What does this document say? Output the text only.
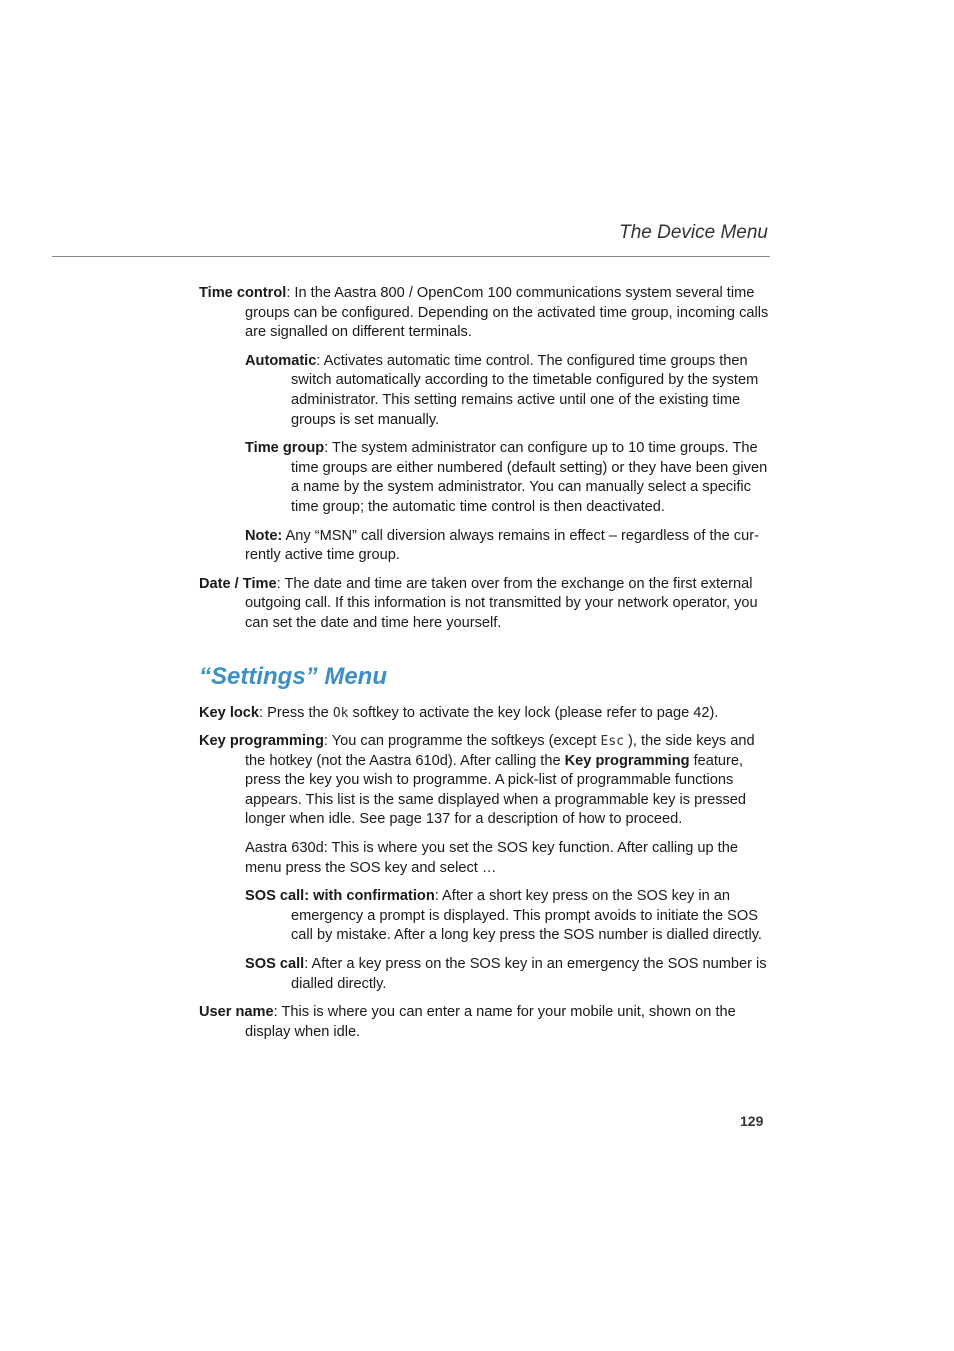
The Device Menu

Time control: In the Aastra 800 / OpenCom 100 communications system several time groups can be configured. Depending on the activated time group, incoming calls are signalled on different terminals.

Automatic: Activates automatic time control. The configured time groups then switch automatically according to the timetable configured by the system administrator. This setting remains active until one of the existing time groups is set manually.

Time group: The system administrator can configure up to 10 time groups. The time groups are either numbered (default setting) or they have been given a name by the system administrator. You can manually select a specific time group; the automatic time control is then deactivated.

Note: Any “MSN” call diversion always remains in effect – regardless of the cur-rently active time group.

Date / Time: The date and time are taken over from the exchange on the first external outgoing call. If this information is not transmitted by your network operator, you can set the date and time here yourself.

“Settings” Menu

Key lock: Press the Ok softkey to activate the key lock (please refer to page 42).

Key programming: You can programme the softkeys (except Esc ), the side keys and the hotkey (not the Aastra 610d). After calling the Key programming feature, press the key you wish to programme. A pick-list of programmable functions appears. This list is the same displayed when a programmable key is pressed longer when idle. See page 137 for a description of how to proceed.

Aastra 630d: This is where you set the SOS key function. After calling up the menu press the SOS key and select …

SOS call: with confirmation: After a short key press on the SOS key in an emergency a prompt is displayed. This prompt avoids to initiate the SOS call by mistake. After a long key press the SOS number is dialled directly.

SOS call: After a key press on the SOS key in an emergency the SOS number is dialled directly.

User name: This is where you can enter a name for your mobile unit, shown on the display when idle.

129
